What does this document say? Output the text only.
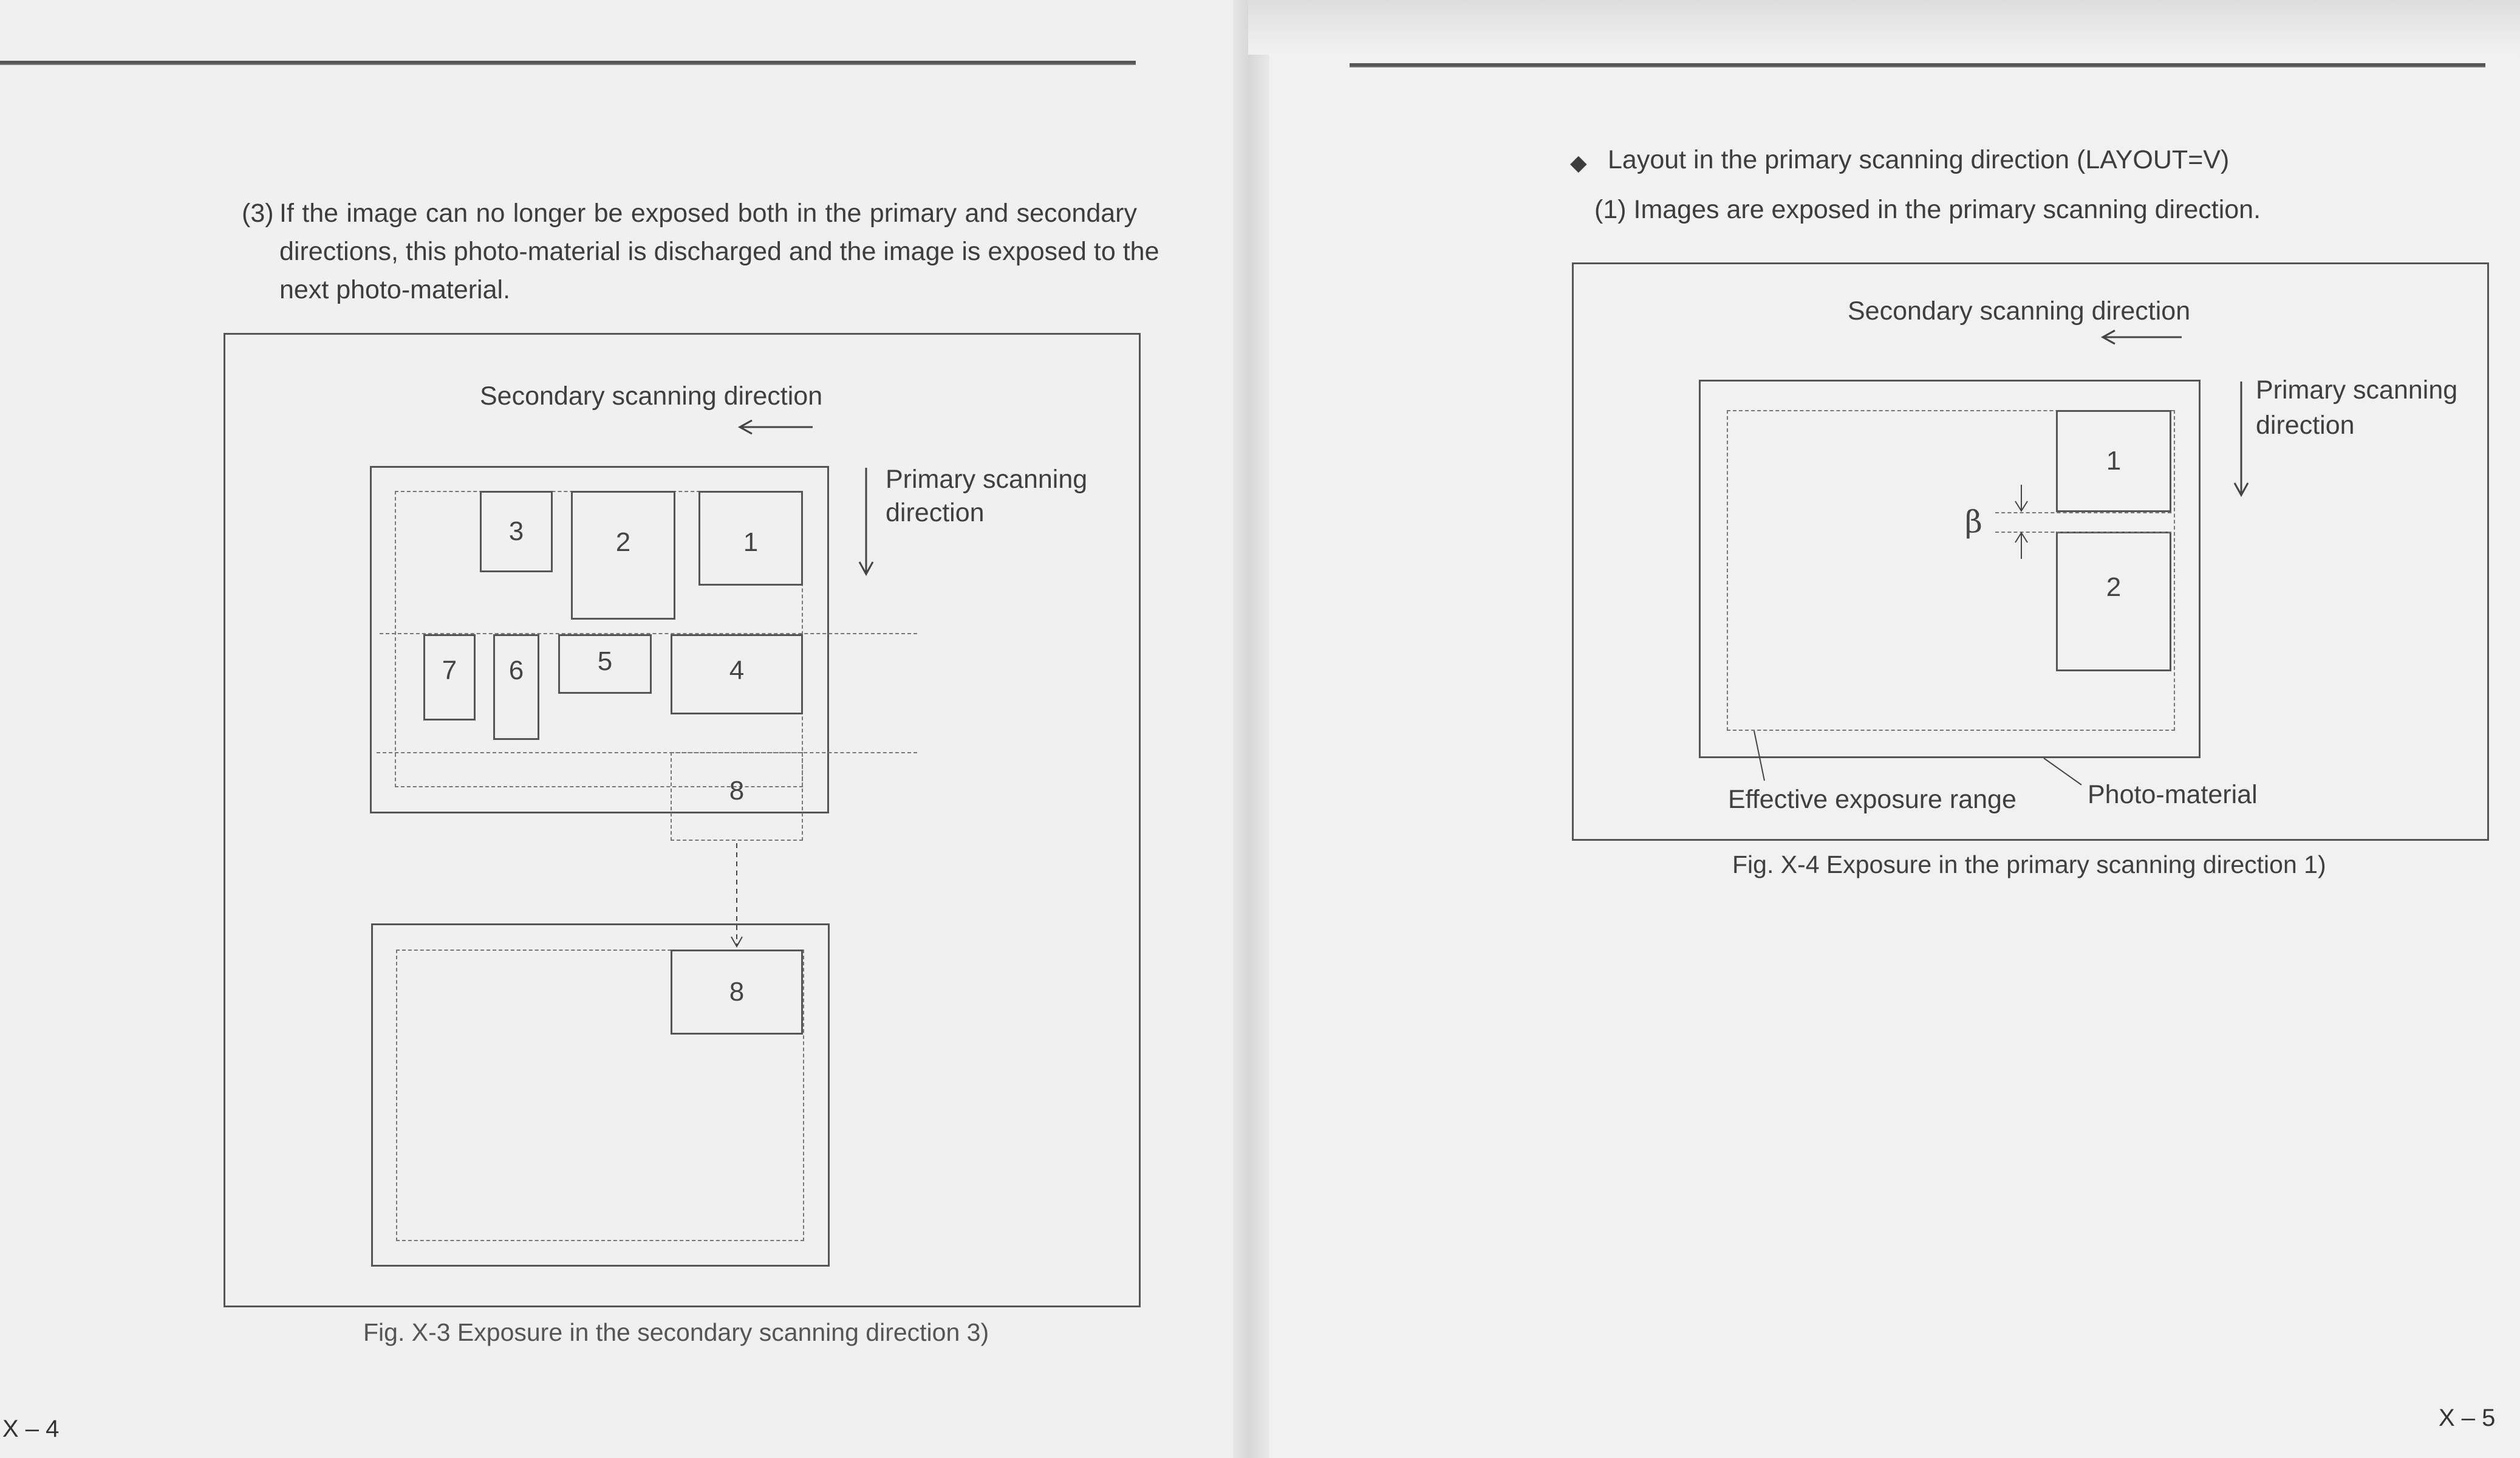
(3) If the image can no longer be exposed both in the primary and secondary
directions, this photo-material is discharged and the image is exposed to the
next photo-material.
Secondary scanning direction
Primary scanning
direction
3	2	1
7	6	5	4
8
8
Fig. X-3 Exposure in the secondary scanning direction 3)
X – 4
◆ Layout in the primary scanning direction (LAYOUT=V)
(1) Images are exposed in the primary scanning direction.
Secondary scanning direction
Primary scanning
direction
1
2
β
Effective exposure range	Photo-material
Fig. X-4 Exposure in the primary scanning direction 1)
X – 5
